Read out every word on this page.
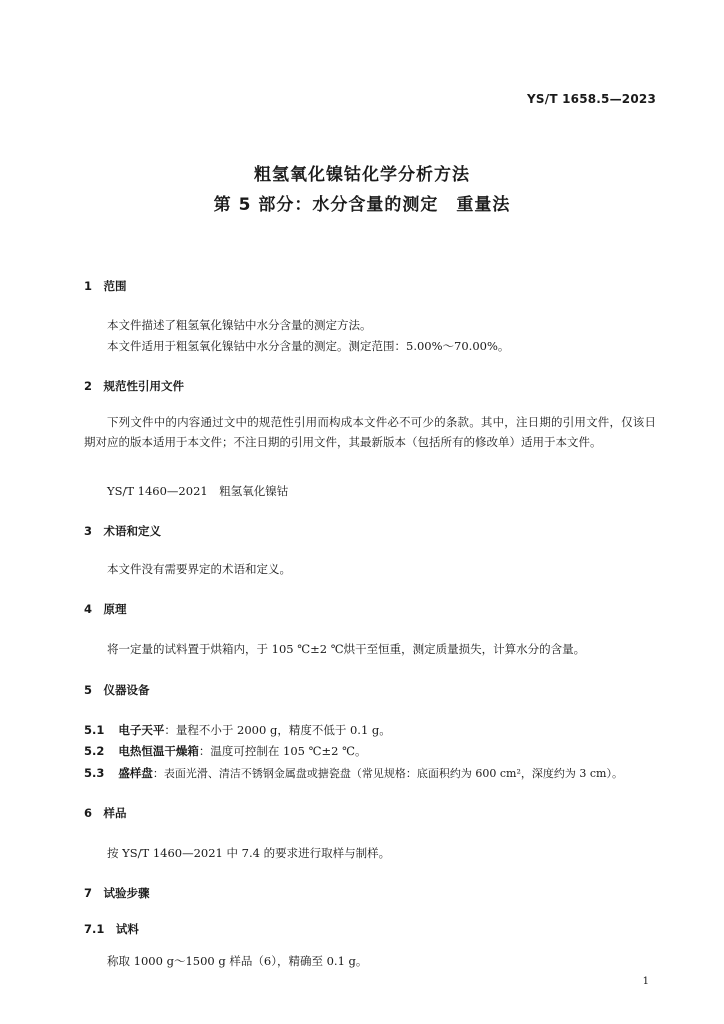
YS/T 1658.5—2023
粗氢氧化镍钴化学分析方法
第 5 部分：水分含量的测定　重量法
1　范围
本文件描述了粗氢氧化镍钴中水分含量的测定方法。
本文件适用于粗氢氧化镍钴中水分含量的测定。测定范围：5.00%～70.00%。
2　规范性引用文件
下列文件中的内容通过文中的规范性引用而构成本文件必不可少的条款。其中，注日期的引用文件，仅该日期对应的版本适用于本文件；不注日期的引用文件，其最新版本（包括所有的修改单）适用于本文件。
YS/T 1460—2021　粗氢氧化镍钴
3　术语和定义
本文件没有需要界定的术语和定义。
4　原理
将一定量的试料置于烘箱内，于 105 ℃±2 ℃烘干至恒重，测定质量损失，计算水分的含量。
5　仪器设备
5.1 电子天平：量程不小于 2000 g，精度不低于 0.1 g。
5.2 电热恒温干燥箱：温度可控制在 105 ℃±2 ℃。
5.3 盛样盘：表面光滑、清洁不锈钢金属盘或搪瓷盘（常见规格：底面积约为 600 cm²，深度约为 3 cm）。
6　样品
按 YS/T 1460—2021 中 7.4 的要求进行取样与制样。
7　试验步骤
7.1　试料
称取 1000 g～1500 g 样品（6），精确至 0.1 g。
1
